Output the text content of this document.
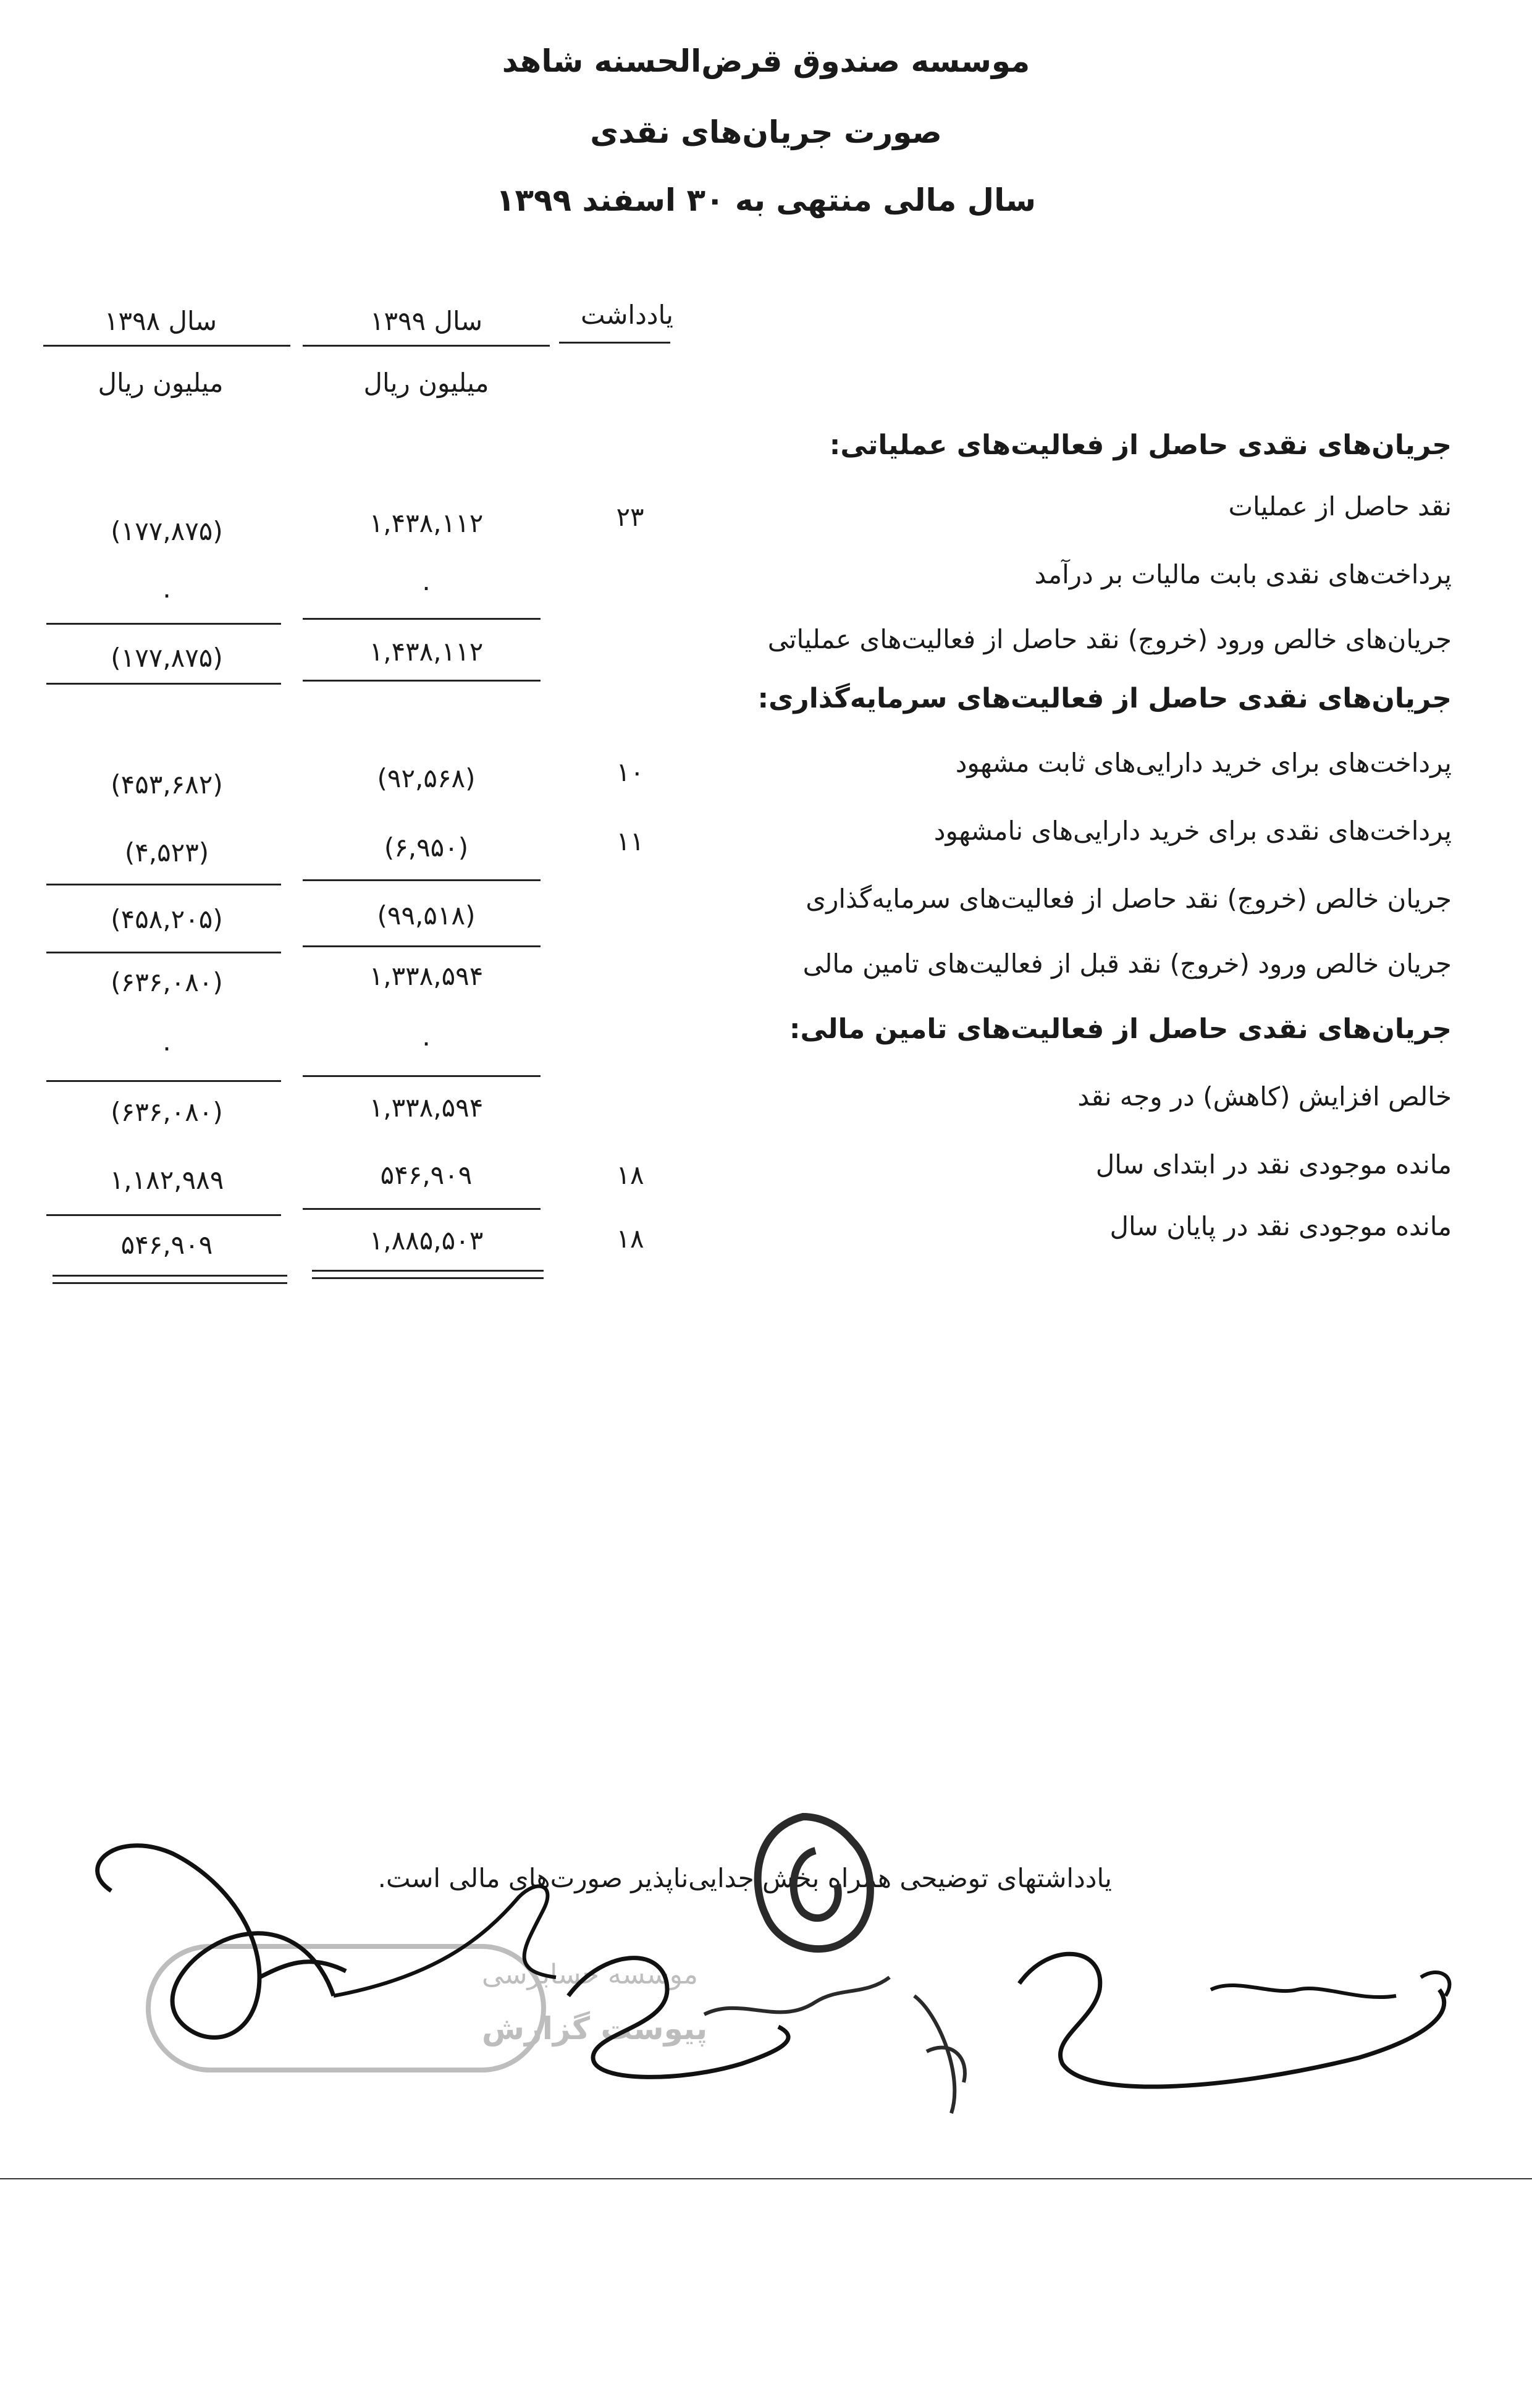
موسسه صندوق قرض‌الحسنه شاهد
صورت جریان‌های نقدی
سال مالی منتهی به ۳۰ اسفند ۱۳۹۹
یادداشت
سال ۱۳۹۹
میلیون ریال
سال ۱۳۹۸
میلیون ریال
جریان‌های نقدی حاصل از فعالیت‌های عملیاتی:
نقد حاصل از عملیات
۲۳
۱,۴۳۸,۱۱۲
(۱۷۷,۸۷۵)
پرداخت‌های نقدی بابت مالیات بر درآمد
۰
۰
جریان‌های خالص ورود (خروج) نقد حاصل از فعالیت‌های عملیاتی
۱,۴۳۸,۱۱۲
(۱۷۷,۸۷۵)
جریان‌های نقدی حاصل از فعالیت‌های سرمایه‌گذاری:
پرداخت‌های برای خرید دارایی‌های ثابت مشهود
۱۰
(۹۲,۵۶۸)
(۴۵۳,۶۸۲)
پرداخت‌های نقدی برای خرید دارایی‌های نامشهود
۱۱
(۶,۹۵۰)
(۴,۵۲۳)
جریان خالص (خروج) نقد حاصل از فعالیت‌های سرمایه‌گذاری
(۹۹,۵۱۸)
(۴۵۸,۲۰۵)
جریان خالص ورود (خروج) نقد قبل از فعالیت‌های تامین مالی
۱,۳۳۸,۵۹۴
(۶۳۶,۰۸۰)
جریان‌های نقدی حاصل از فعالیت‌های تامین مالی:
۰
۰
خالص افزایش (کاهش) در وجه نقد
۱,۳۳۸,۵۹۴
(۶۳۶,۰۸۰)
مانده موجودی نقد در ابتدای سال
۱۸
۵۴۶,۹۰۹
۱,۱۸۲,۹۸۹
مانده موجودی نقد در پایان سال
۱۸
۱,۸۸۵,۵۰۳
۵۴۶,۹۰۹
یادداشتهای توضیحی همراه بخش جدایی‌ناپذیر صورت‌های مالی است.
موسسه حسابرسی
پیوست گزارش
